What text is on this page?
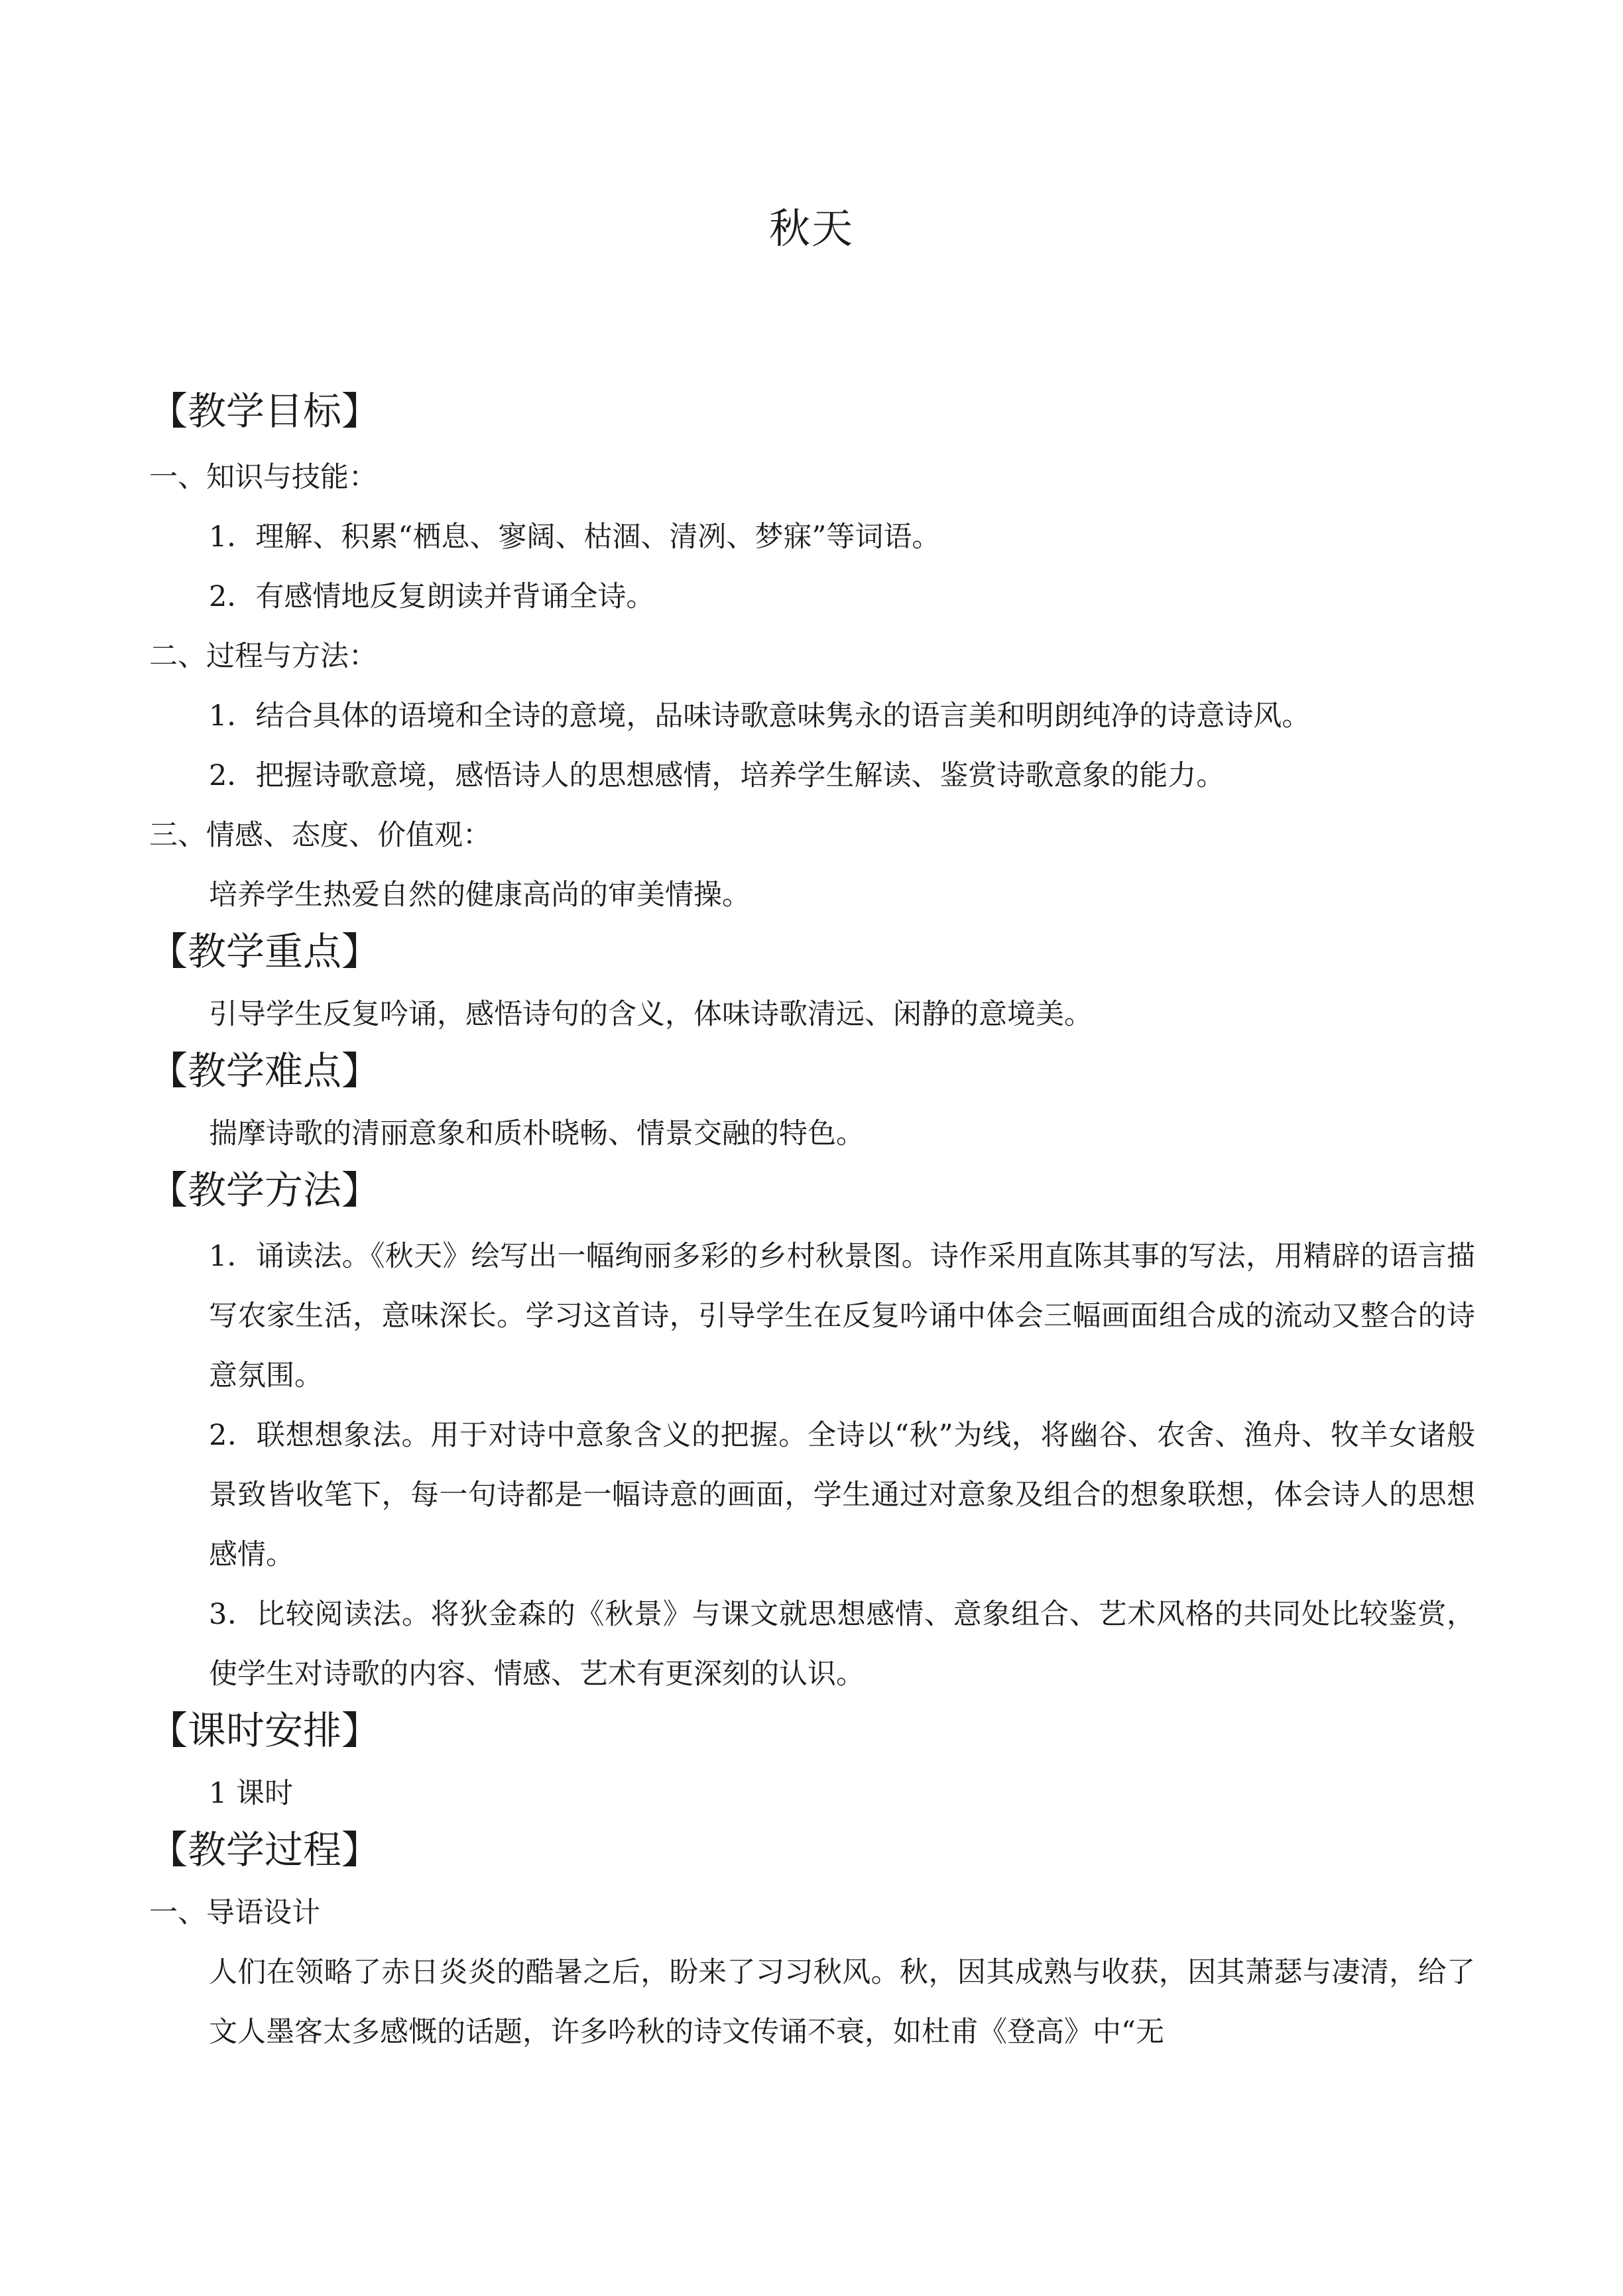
秋天
【教学目标】
一、知识与技能：
1．理解、积累“栖息、寥阔、枯涸、清冽、梦寐”等词语。
2．有感情地反复朗读并背诵全诗。
二、过程与方法：
1．结合具体的语境和全诗的意境，品味诗歌意味隽永的语言美和明朗纯净的诗意诗风。
2．把握诗歌意境，感悟诗人的思想感情，培养学生解读、鉴赏诗歌意象的能力。
三、情感、态度、价值观：
培养学生热爱自然的健康高尚的审美情操。
【教学重点】
引导学生反复吟诵，感悟诗句的含义，体味诗歌清远、闲静的意境美。
【教学难点】
揣摩诗歌的清丽意象和质朴晓畅、情景交融的特色。
【教学方法】
1．诵读法。《秋天》绘写出一幅绚丽多彩的乡村秋景图。诗作采用直陈其事的写法，用精辟的语言描写农家生活，意味深长。学习这首诗，引导学生在反复吟诵中体会三幅画面组合成的流动又整合的诗意氛围。
2．联想想象法。用于对诗中意象含义的把握。全诗以“秋”为线，将幽谷、农舍、渔舟、牧羊女诸般景致皆收笔下，每一句诗都是一幅诗意的画面，学生通过对意象及组合的想象联想，体会诗人的思想感情。
3．比较阅读法。将狄金森的《秋景》与课文就思想感情、意象组合、艺术风格的共同处比较鉴赏，使学生对诗歌的内容、情感、艺术有更深刻的认识。
【课时安排】
1 课时
【教学过程】
一、导语设计
人们在领略了赤日炎炎的酷暑之后，盼来了习习秋风。秋，因其成熟与收获，因其萧瑟与凄清，给了文人墨客太多感慨的话题，许多吟秋的诗文传诵不衰，如杜甫《登高》中“无
